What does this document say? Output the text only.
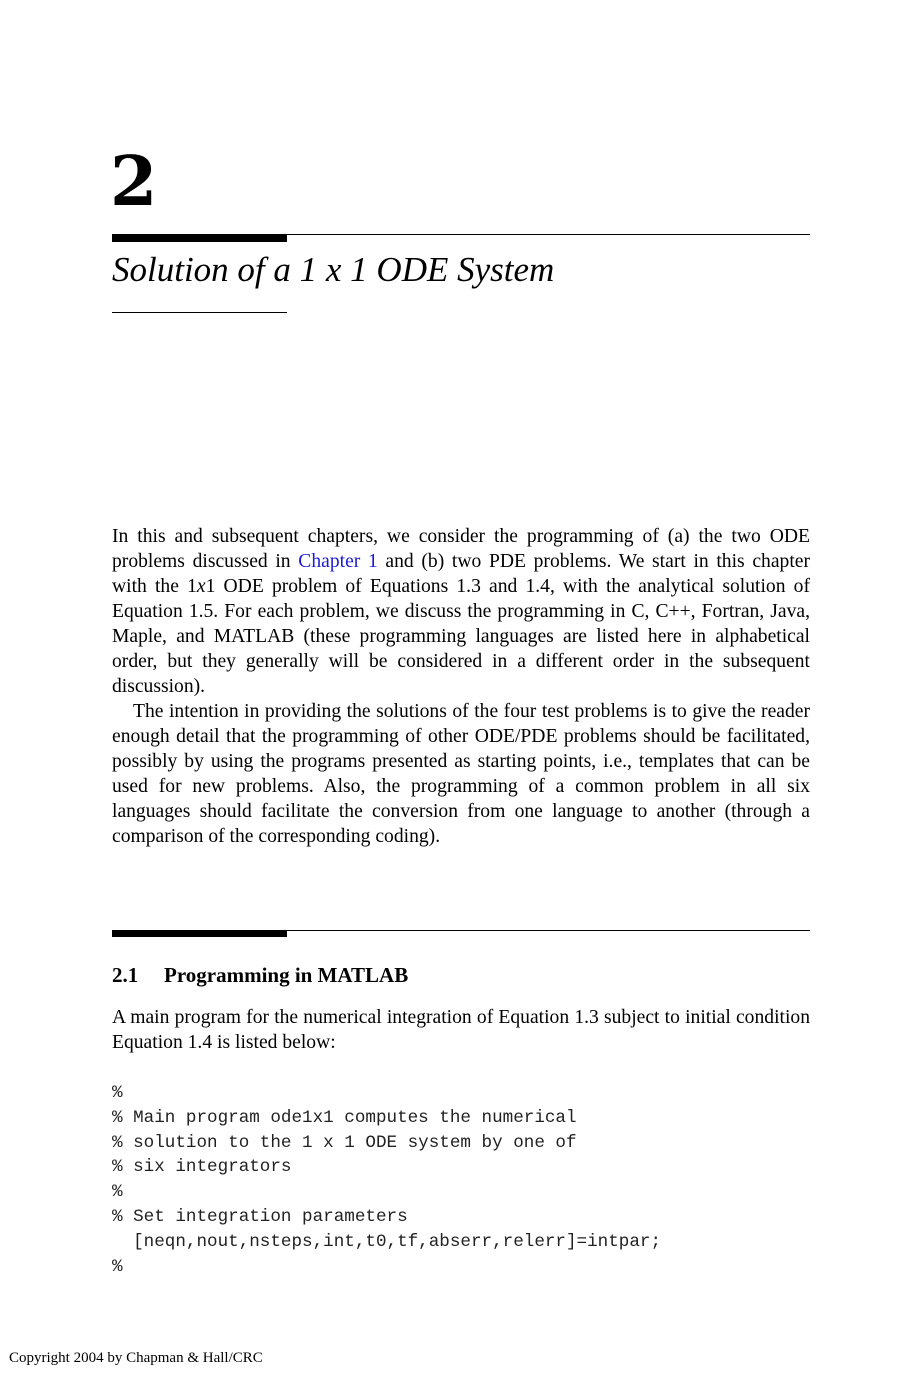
2
Solution of a 1 x 1 ODE System

In this and subsequent chapters, we consider the programming of (a) the two ODE problems discussed in Chapter 1 and (b) two PDE problems. We start in this chapter with the 1x1 ODE problem of Equations 1.3 and 1.4, with the analytical solution of Equation 1.5. For each problem, we discuss the programming in C, C++, Fortran, Java, Maple, and MATLAB (these programming languages are listed here in alphabetical order, but they generally will be considered in a different order in the subsequent discussion).

The intention in providing the solutions of the four test problems is to give the reader enough detail that the programming of other ODE/PDE problems should be facilitated, possibly by using the programs presented as starting points, i.e., templates that can be used for new problems. Also, the programming of a common problem in all six languages should facilitate the conversion from one language to another (through a comparison of the corresponding coding).

2.1 Programming in MATLAB
A main program for the numerical integration of Equation 1.3 subject to initial condition Equation 1.4 is listed below:
%
% Main program ode1x1 computes the numerical
% solution to the 1 x 1 ODE system by one of
% six integrators
%
% Set integration parameters
[neqn,nout,nsteps,int,t0,tf,abserr,relerr]=intpar;
%
Copyright 2004 by Chapman & Hall/CRC
